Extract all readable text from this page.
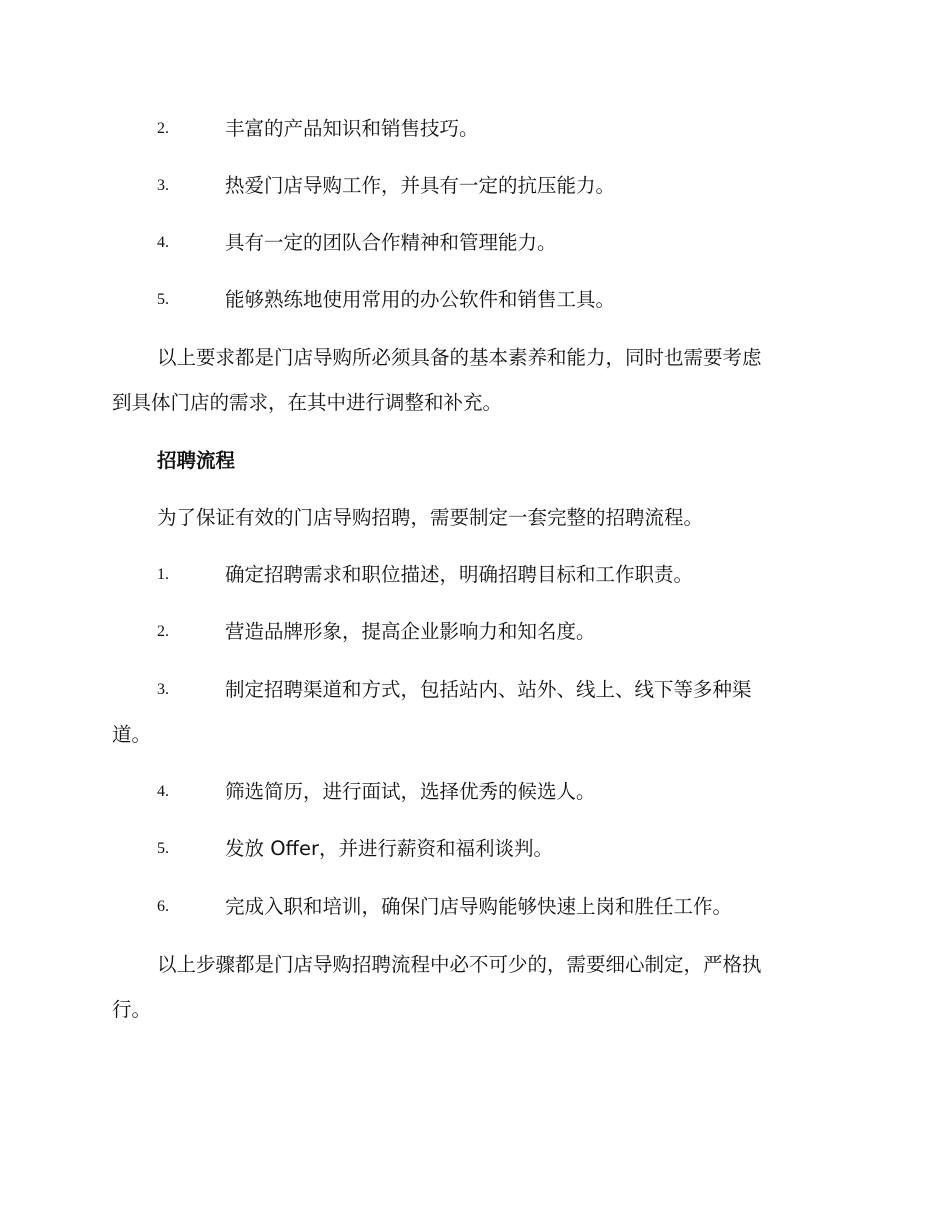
2.	丰富的产品知识和销售技巧。
3.	热爱门店导购工作，并具有一定的抗压能力。
4.	具有一定的团队合作精神和管理能力。
5.	能够熟练地使用常用的办公软件和销售工具。
以上要求都是门店导购所必须具备的基本素养和能力，同时也需要考虑
到具体门店的需求，在其中进行调整和补充。
招聘流程
为了保证有效的门店导购招聘，需要制定一套完整的招聘流程。
1.	确定招聘需求和职位描述，明确招聘目标和工作职责。
2.	营造品牌形象，提高企业影响力和知名度。
3.	制定招聘渠道和方式，包括站内、站外、线上、线下等多种渠
道。
4.	筛选简历，进行面试，选择优秀的候选人。
5.	发放 Offer，并进行薪资和福利谈判。
6.	完成入职和培训，确保门店导购能够快速上岗和胜任工作。
以上步骤都是门店导购招聘流程中必不可少的，需要细心制定，严格执
行。
